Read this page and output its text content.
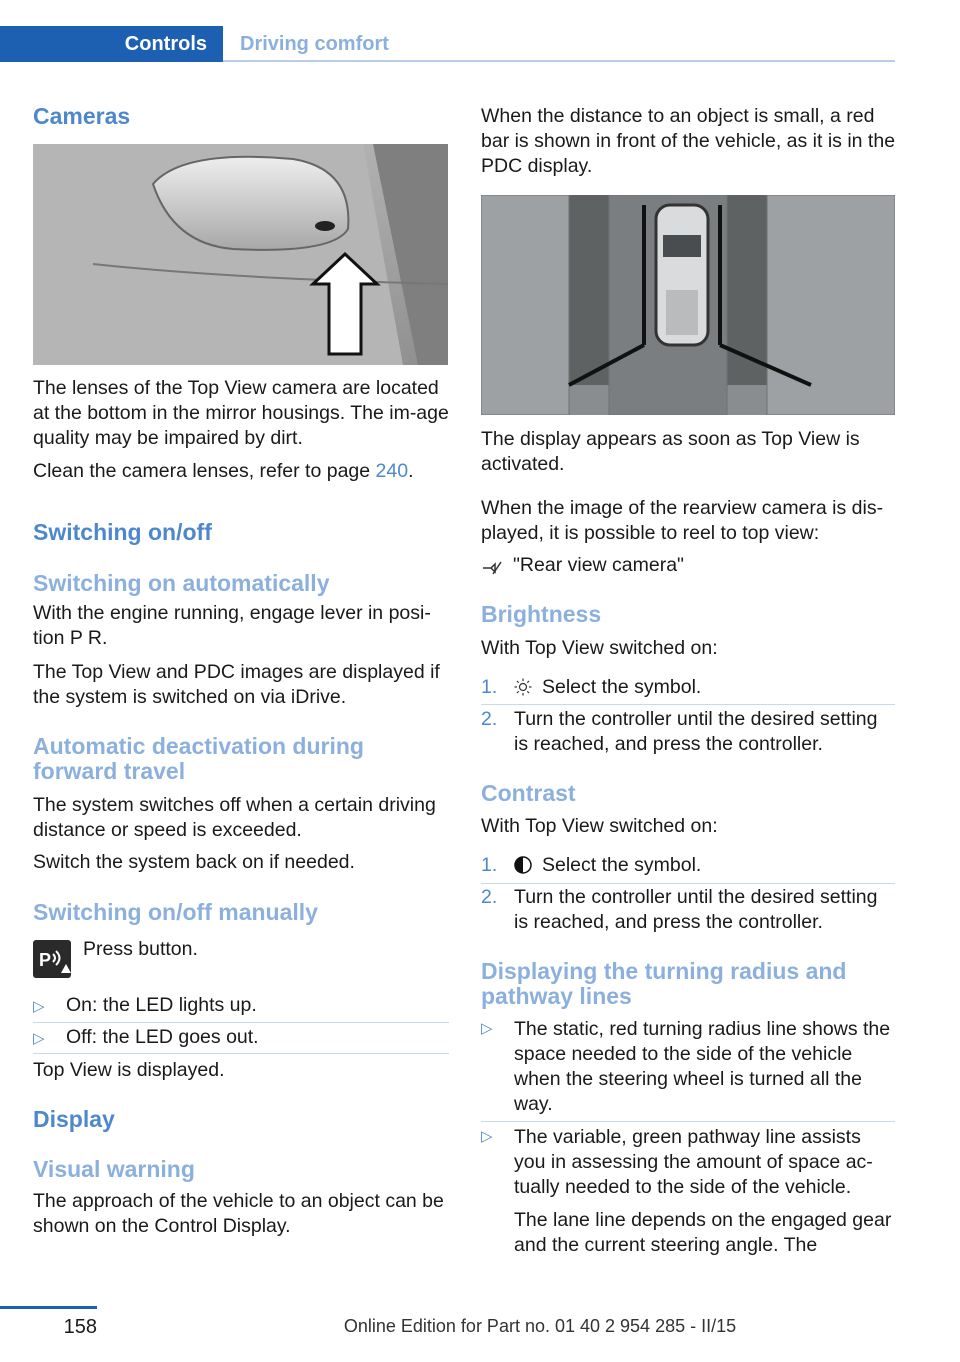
Controls	Driving comfort
Cameras
The lenses of the Top View camera are located at the bottom in the mirror housings. The im‐age quality may be impaired by dirt.
Clean the camera lenses, refer to page 240.
Switching on/off
Switching on automatically
With the engine running, engage lever in posi‐tion P R.
The Top View and PDC images are displayed if the system is switched on via iDrive.
Automatic deactivation during forward travel
The system switches off when a certain driving distance or speed is exceeded.
Switch the system back on if needed.
Switching on/off manually
P Press button.
▷ On: the LED lights up.
▷ Off: the LED goes out.
Top View is displayed.
Display
Visual warning
The approach of the vehicle to an object can be shown on the Control Display.
When the distance to an object is small, a red bar is shown in front of the vehicle, as it is in the PDC display.
The display appears as soon as Top View is activated.
When the image of the rearview camera is dis‐played, it is possible to reel to top view:
"Rear view camera"
Brightness
With Top View switched on:
1. Select the symbol.
2. Turn the controller until the desired setting is reached, and press the controller.
Contrast
With Top View switched on:
1. Select the symbol.
2. Turn the controller until the desired setting is reached, and press the controller.
Displaying the turning radius and pathway lines
▷ The static, red turning radius line shows the space needed to the side of the vehicle when the steering wheel is turned all the way.
▷ The variable, green pathway line assists you in assessing the amount of space ac‐tually needed to the side of the vehicle.
The lane line depends on the engaged gear and the current steering angle. The
158	Online Edition for Part no. 01 40 2 954 285 - II/15
